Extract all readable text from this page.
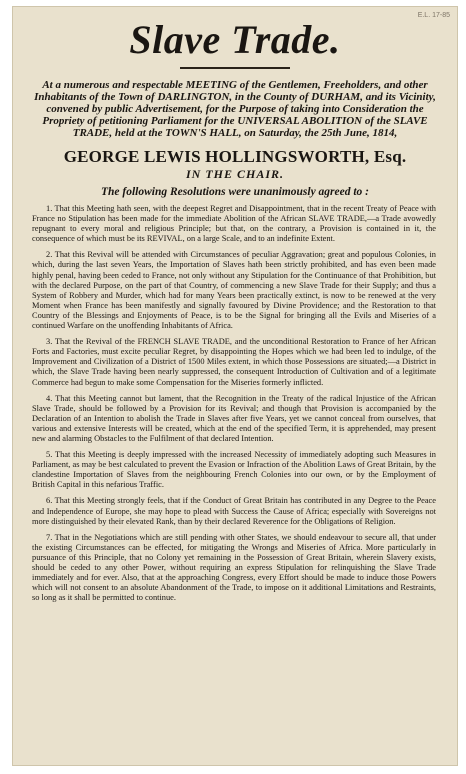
E.L. 17-85
Slave Trade.
At a numerous and respectable MEETING of the Gentlemen, Freeholders, and other Inhabitants of the Town of DARLINGTON, in the County of DURHAM, and its Vicinity, convened by public Advertisement, for the Purpose of taking into Consideration the Propriety of petitioning Parliament for the UNIVERSAL ABOLITION of the SLAVE TRADE, held at the TOWN'S HALL, on Saturday, the 25th June, 1814,
GEORGE LEWIS HOLLINGSWORTH, Esq.
IN THE CHAIR.
The following Resolutions were unanimously agreed to :

1. That this Meeting hath seen, with the deepest Regret and Disappointment, that in the recent Treaty of Peace with France no Stipulation has been made for the immediate Abolition of the African SLAVE TRADE,—a Trade avowedly repugnant to every moral and religious Principle; but that, on the contrary, a Provision is contained in it, the consequence of which must be its REVIVAL, on a large Scale, and to an indefinite Extent.

2. That this Revival will be attended with Circumstances of peculiar Aggravation; great and populous Colonies, in which, during the last seven Years, the Importation of Slaves hath been strictly prohibited, and has even been made highly penal, having been ceded to France, not only without any Stipulation for the Continuance of that Prohibition, but with the declared Purpose, on the part of that Country, of commencing a new Slave Trade for their Supply; and thus a System of Robbery and Murder, which had for many Years been practically extinct, is now to be renewed at the very Moment when France has been manifestly and signally favoured by Divine Providence; and the Restoration to that Country of the Blessings and Enjoyments of Peace, is to be the Signal for bringing all the Evils and Miseries of a continued Warfare on the unoffending Inhabitants of Africa.

3. That the Revival of the FRENCH SLAVE TRADE, and the unconditional Restoration to France of her African Forts and Factories, must excite peculiar Regret, by disappointing the Hopes which we had been led to indulge, of the Improvement and Civilization of a District of 1500 Miles extent, in which those Possessions are situated;—a District in which, the Slave Trade having been nearly suppressed, the consequent Introduction of Cultivation and of a legitimate Commerce had begun to make some Compensation for the Miseries formerly inflicted.

4. That this Meeting cannot but lament, that the Recognition in the Treaty of the radical Injustice of the African Slave Trade, should be followed by a Provision for its Revival; and though that Provision is accompanied by the Declaration of an Intention to abolish the Trade in Slaves after five Years, yet we cannot conceal from ourselves, that various and extensive Interests will be created, which at the end of the specified Term, it is apprehended, may present new and alarming Obstacles to the Fulfilment of that declared Intention.

5. That this Meeting is deeply impressed with the increased Necessity of immediately adopting such Measures in Parliament, as may be best calculated to prevent the Evasion or Infraction of the Abolition Laws of Great Britain, by the clandestine Importation of Slaves from the neighbouring French Colonies into our own, or by the Employment of British Capital in this nefarious Traffic.

6. That this Meeting strongly feels, that if the Conduct of Great Britain has contributed in any Degree to the Peace and Independence of Europe, she may hope to plead with Success the Cause of Africa; especially with Sovereigns not more distinguished by their elevated Rank, than by their declared Reverence for the Obligations of Religion.

7. That in the Negotiations which are still pending with other States, we should endeavour to secure all, that under the existing Circumstances can be effected, for mitigating the Wrongs and Miseries of Africa. More particularly in pursuance of this Principle, that no Colony yet remaining in the Possession of Great Britain, wherein Slavery exists, should be ceded to any other Power, without requiring an express Stipulation for relinquishing the Slave Trade immediately and for ever. Also, that at the approaching Congress, every Effort should be made to induce those Powers which will not consent to an absolute Abandonment of the Trade, to impose on it additional Limitations and Restraints, so long as it shall be permitted to continue.
